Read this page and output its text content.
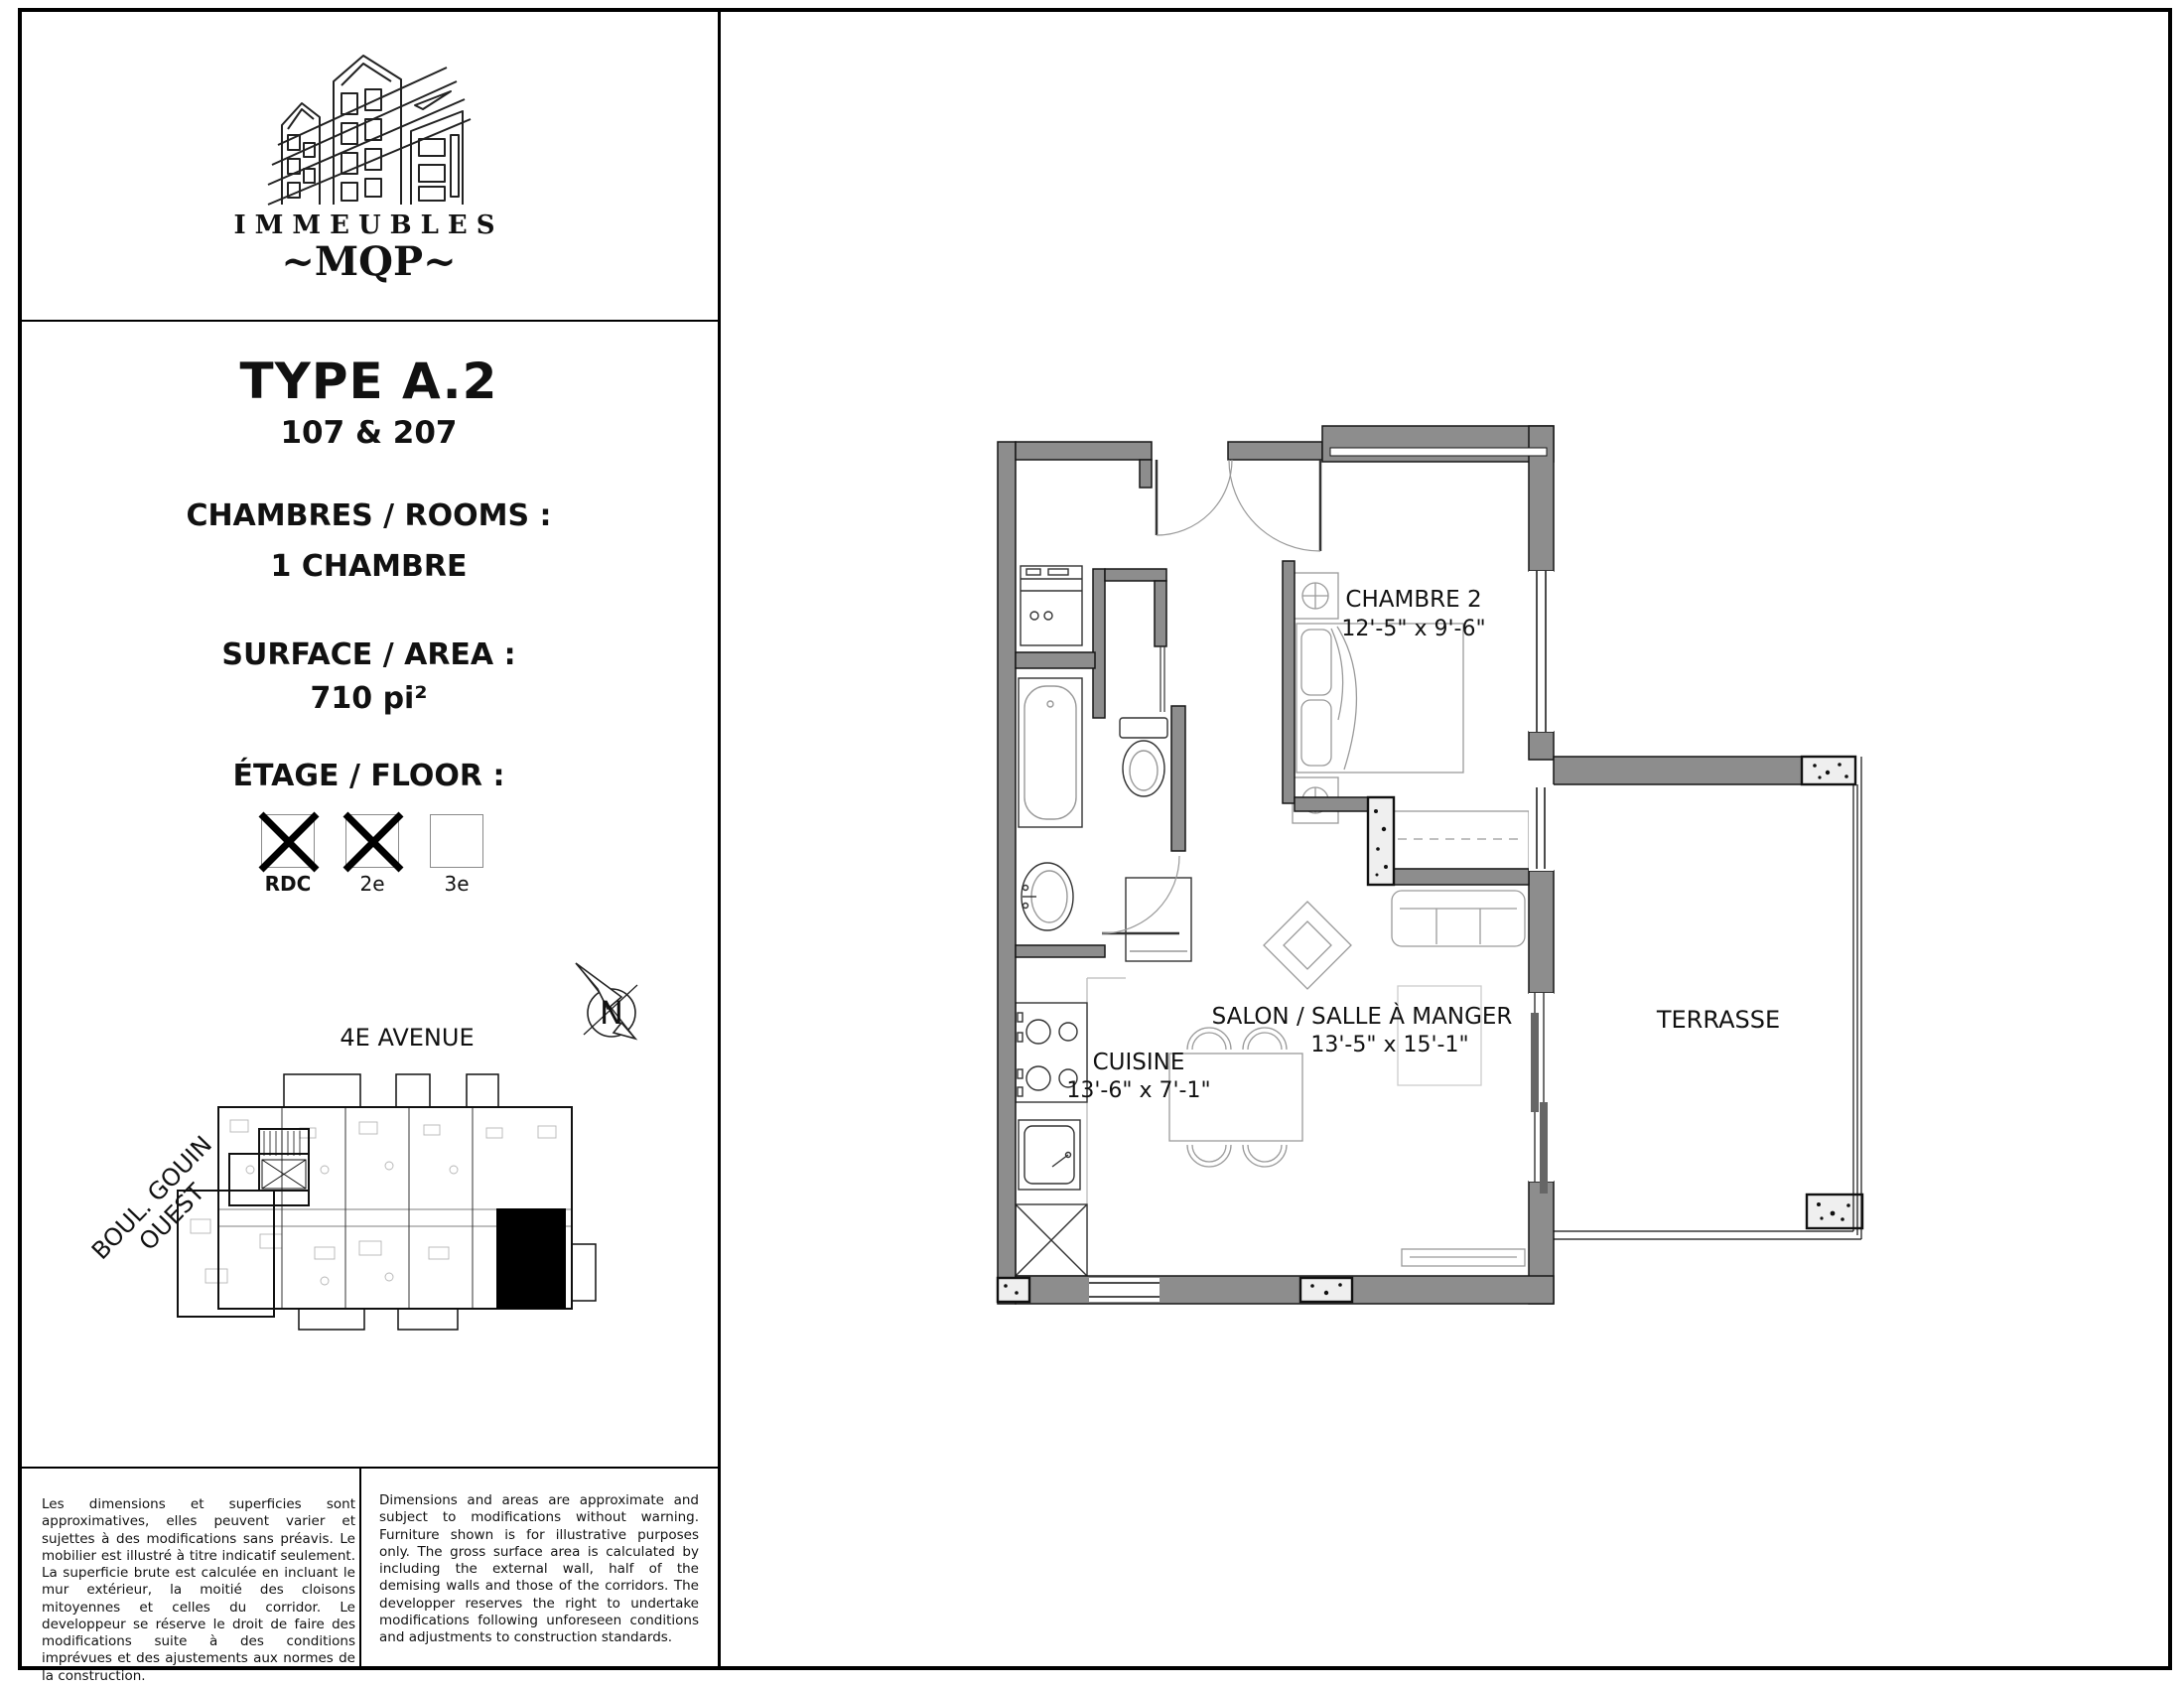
IMMEUBLES
~MQP~
TYPE A.2
107 & 207
CHAMBRES / ROOMS :
1 CHAMBRE
SURFACE / AREA :
710 pi²
ÉTAGE / FLOOR :
RDC	2e	3e
N
4E AVENUE
BOUL. GOUIN OUEST
CHAMBRE 2
12'-5" x 9'-6"
SALON / SALLE À MANGER
13'-5" x 15'-1"
CUISINE
13'-6" x 7'-1"
TERRASSE
Les dimensions et superficies sont approximatives, elles peuvent varier et sujettes à des modifications sans préavis. Le mobilier est illustré à titre indicatif seulement. La superficie brute est calculée en incluant le mur extérieur, la moitié des cloisons mitoyennes et celles du corridor. Le developpeur se réserve le droit de faire des modifications suite à des conditions imprévues et des ajustements aux normes de la construction.
Dimensions and areas are approximate and subject to modifications without warning. Furniture shown is for illustrative purposes only. The gross surface area is calculated by including the external wall, half of the demising walls and those of the corridors. The developper reserves the right to undertake modifications following unforeseen conditions and adjustments to construction standards.
